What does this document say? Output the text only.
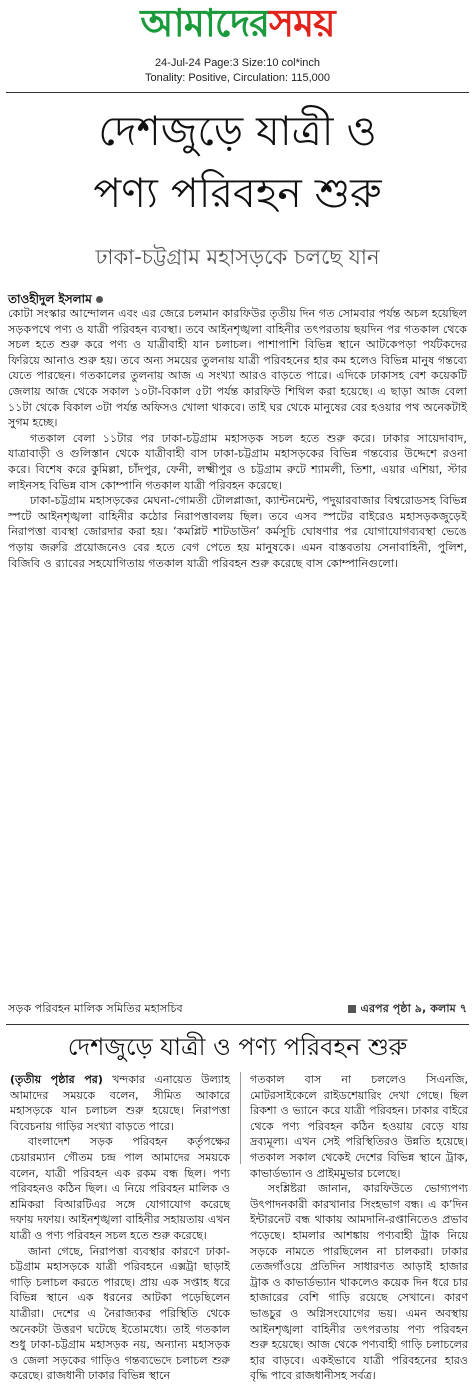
আমাদেরসময়
24-Jul-24 Page:3 Size:10 col*inch
Tonality: Positive, Circulation: 115,000
দেশজুড়ে যাত্রী ও
পণ্য পরিবহন শুরু
ঢাকা-চট্টগ্রাম মহাসড়কে চলছে যান
তাওহীদুল ইসলাম

কোটা সংস্কার আন্দোলন এবং এর জেরে চলমান কারফিউর তৃতীয় দিন গত সোমবার পর্যন্ত অচল হয়েছিল সড়কপথে পণ্য ও যাত্রী পরিবহন ব্যবস্থা। তবে আইনশৃঙ্খলা বাহিনীর তৎপরতায় ছয়দিন পর গতকাল থেকে সচল হতে শুরু করে পণ্য ও যাত্রীবাহী যান চলাচল। পাশাপাশি বিভিন্ন স্থানে আটকেপড়া পর্যটকদের ফিরিয়ে আনাও শুরু হয়। তবে অন্য সময়ের তুলনায় যাত্রী পরিবহনের হার কম হলেও বিভিন্ন মানুষ গন্তব্যে যেতে পারছেন। গতকালের তুলনায় আজ এ সংখ্যা আরও বাড়তে পারে। এদিকে ঢাকাসহ বেশ কয়েকটি জেলায় আজ থেকে সকাল ১০টা-বিকাল ৫টা পর্যন্ত কারফিউ শিথিল করা হয়েছে। এ ছাড়া আজ বেলা ১১টা থেকে বিকাল ৩টা পর্যন্ত অফিসও খোলা থাকবে। তাই ঘর থেকে মানুষের বের হওয়ার পথ অনেকটাই সুগম হচ্ছে।

গতকাল বেলা ১১টার পর ঢাকা-চট্টগ্রাম মহাসড়ক সচল হতে শুরু করে। ঢাকার সায়েদাবাদ, যাত্রাবাড়ী ও গুলিস্তান থেকে যাত্রীবাহী বাস ঢাকা-চট্টগ্রাম মহাসড়কের বিভিন্ন গন্তব্যের উদ্দেশে রওনা করে। বিশেষ করে কুমিল্লা, চাঁদপুর, ফেনী, লক্ষ্মীপুর ও চট্টগ্রাম রুটে শ্যামলী, তিশা, এয়ার এশিয়া, স্টার লাইনসহ বিভিন্ন বাস কোম্পানি গতকাল যাত্রী পরিবহন করেছে।

ঢাকা-চট্টগ্রাম মহাসড়কের মেঘনা-গোমতী টোলপ্লাজা, ক্যান্টনমেন্ট, পদুয়ারবাজার বিশ্বরোডসহ বিভিন্ন স্পটে আইনশৃঙ্খলা বাহিনীর কঠোর নিরাপত্তাবলয় ছিল। তবে এসব স্পটের বাইরেও মহাসড়কজুড়েই নিরাপত্তা ব্যবস্থা জোরদার করা হয়। ‘কমপ্লিট শাটডাউন’ কর্মসূচি ঘোষণার পর যোগাযোগব্যবস্থা ভেঙে পড়ায় জরুরি প্রয়োজনেও বের হতে বেগ পেতে হয় মানুষকে। এমন বাস্তবতায় সেনাবাহিনী, পুলিশ, বিজিবি ও র‌্যাবের সহযোগিতায় গতকাল যাত্রী পরিবহন শুরু করেছে বাস কোম্পানিগুলো।

সড়ক পরিবহন মালিক সমিতির মহাসচিব	এরপর পৃষ্ঠা ৯, কলাম ৭
দেশজুড়ে যাত্রী ও পণ্য পরিবহন শুরু

(তৃতীয় পৃষ্ঠার পর) খন্দকার এনায়েত উল্যাহ আমাদের সময়কে বলেন, সীমিত আকারে মহাসড়কে যান চলাচল শুরু হয়েছে। নিরাপত্তা বিবেচনায় গাড়ির সংখ্যা বাড়তে পারে।

বাংলাদেশ সড়ক পরিবহন কর্তৃপক্ষের চেয়ারম্যান গৌতম চন্দ্র পাল আমাদের সময়কে বলেন, যাত্রী পরিবহন এক রকম বন্ধ ছিল। পণ্য পরিবহনও কঠিন ছিল। এ নিয়ে পরিবহন মালিক ও শ্রমিকরা বিআরটিএর সঙ্গে যোগাযোগ করেছে দফায় দফায়। আইনশৃঙ্খলা বাহিনীর সহায়তায় এখন যাত্রী ও পণ্য পরিবহন সচল হতে শুরু করেছে।

জানা গেছে, নিরাপত্তা ব্যবস্থার কারণে ঢাকা-চট্টগ্রাম মহাসড়কে যাত্রী পরিবহনে এক্সট্রা ছাড়াই গাড়ি চলাচল করতে পারছে। প্রায় এক সপ্তাহ ধরে বিভিন্ন স্থানে এক ধরনের আটকা পড়েছিলেন যাত্রীরা। দেশের এ নৈরাজ্যকর পরিস্থিতি থেকে অনেকটা উত্তরণ ঘটেছে ইতোমধ্যে। তাই গতকাল শুধু ঢাকা-চট্টগ্রাম মহাসড়ক নয়, অন্যান্য মহাসড়ক ও জেলা সড়কের গাড়িও গন্তব্যভেদে চলাচল শুরু করেছে। রাজধানী ঢাকার বিভিন্ন স্থানে

গতকাল বাস না চললেও সিএনজি, মোটরসাইকেলে রাইডশেয়ারিং দেখা গেছে। ছিল রিকশা ও ভ্যানে করে যাত্রী পরিবহন। ঢাকার বাইরে থেকে পণ্য পরিবহন কঠিন হওয়ায় বেড়ে যায় দ্রব্যমূল্য। এখন সেই পরিস্থিতিরও উন্নতি হয়েছে। গতকাল সকাল থেকেই দেশের বিভিন্ন স্থানে ট্রাক, কাভার্ডভ্যান ও প্রাইমমুভার চলেছে।

সংশ্লিষ্টরা জানান, কারফিউতে ভোগ্যপণ্য উৎপাদনকারী কারখানার সিংহভাগ বন্ধ। এ ক’দিন ইন্টারনেট বন্ধ থাকায় আমদানি-রপ্তানিতেও প্রভাব পড়েছে। হামলার আশঙ্কায় পণ্যবাহী ট্রাক নিয়ে সড়কে নামতে পারছিলেন না চালকরা। ঢাকার তেজগাঁওয়ে প্রতিদিন সাধারণত আড়াই হাজার ট্রাক ও কাভার্ডভ্যান থাকলেও কয়েক দিন ধরে চার হাজারের বেশি গাড়ি রয়েছে সেখানে। কারণ ভাঙচুর ও অগ্নিসংযোগের ভয়। এমন অবস্থায় আইনশৃঙ্খলা বাহিনীর তৎপরতায় পণ্য পরিবহন শুরু হয়েছে। আজ থেকে পণ্যবাহী গাড়ি চলাচলের হার বাড়বে। একইভাবে যাত্রী পরিবহনের হারও বৃদ্ধি পাবে রাজধানীসহ সর্বত্র।
